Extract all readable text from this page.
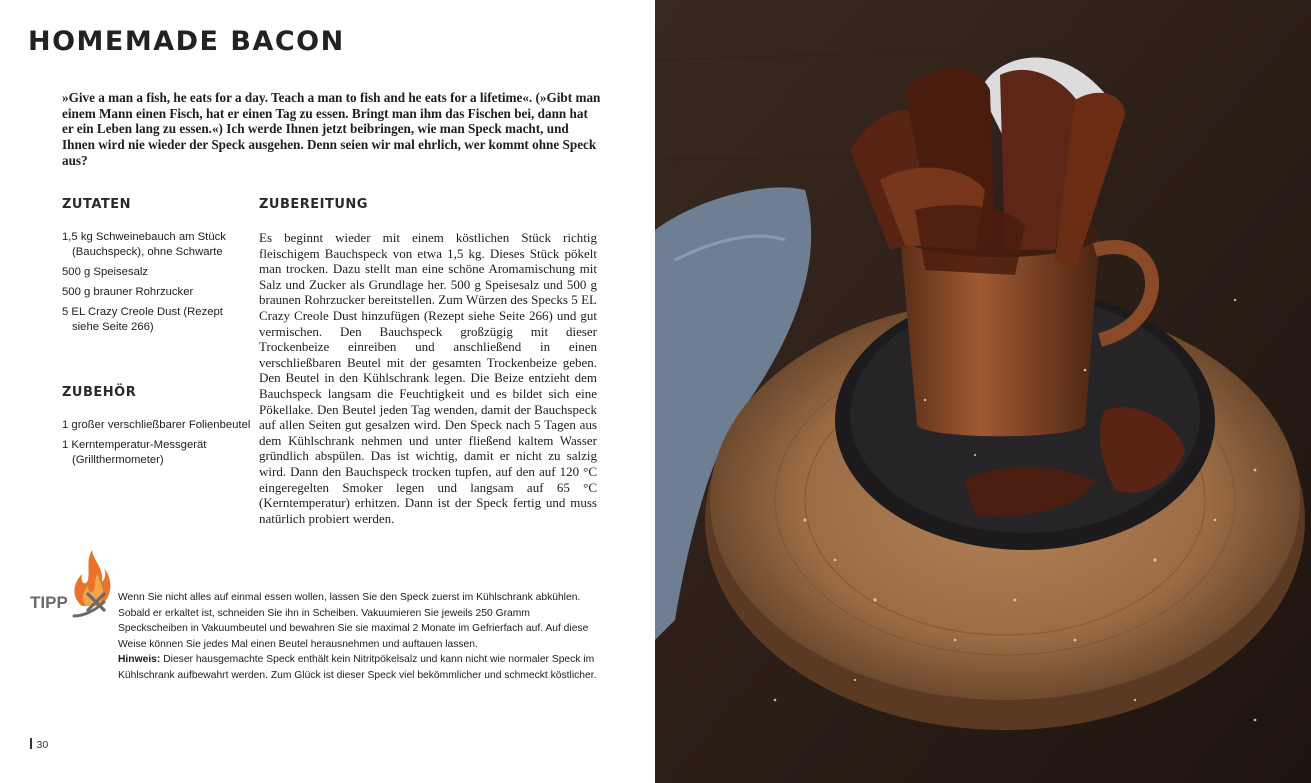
HOMEMADE BACON

»Give a man a fish, he eats for a day. Teach a man to fish and he eats for a lifetime«. (»Gibt man einem Mann einen Fisch, hat er einen Tag zu essen. Bringt man ihm das Fischen bei, dann hat er ein Leben lang zu essen.«) Ich werde Ihnen jetzt beibringen, wie man Speck macht, und Ihnen wird nie wieder der Speck ausgehen. Denn seien wir mal ehrlich, wer kommt ohne Speck aus?

ZUTATEN
1,5 kg Schweinebauch am Stück (Bauchspeck), ohne Schwarte
500 g Speisesalz
500 g brauner Rohrzucker
5 EL Crazy Creole Dust (Rezept siehe Seite 266)
ZUBEHÖR
1 großer verschließbarer Folienbeutel
1 Kerntemperatur-Messgerät (Grillthermometer)
ZUBEREITUNG

Es beginnt wieder mit einem köstlichen Stück richtig fleischigem Bauchspeck von etwa 1,5 kg. Dieses Stück pökelt man trocken. Dazu stellt man eine schöne Aromamischung mit Salz und Zucker als Grundlage her. 500 g Speisesalz und 500 g braunen Rohrzucker bereitstellen. Zum Würzen des Specks 5 EL Crazy Creole Dust hinzufügen (Rezept siehe Seite 266) und gut vermischen. Den Bauchspeck großzügig mit dieser Trockenbeize einreiben und anschließend in einen verschließbaren Beutel mit der gesamten Trockenbeize geben. Den Beutel in den Kühlschrank legen. Die Beize entzieht dem Bauchspeck langsam die Feuchtigkeit und es bildet sich eine Pökellake. Den Beutel jeden Tag wenden, damit der Bauchspeck auf allen Seiten gut gesalzen wird. Den Speck nach 5 Tagen aus dem Kühlschrank nehmen und unter fließend kaltem Wasser gründlich abspülen. Das ist wichtig, damit er nicht zu salzig wird. Dann den Bauchspeck trocken tupfen, auf den auf 120 °C eingeregelten Smoker legen und langsam auf 65 °C (Kerntemperatur) erhitzen. Dann ist der Speck fertig und muss natürlich probiert werden.

TIPP	Wenn Sie nicht alles auf einmal essen wollen, lassen Sie den Speck zuerst im Kühlschrank abkühlen. Sobald er erkaltet ist, schneiden Sie ihn in Scheiben. Vakuumieren Sie jeweils 250 Gramm Speckscheiben in Vakuumbeutel und bewahren Sie sie maximal 2 Monate im Gefrierfach auf. Auf diese Weise können Sie jedes Mal einen Beutel herausnehmen und auftauen lassen.
Hinweis: Dieser hausgemachte Speck enthält kein Nitritpökelsalz und kann nicht wie normaler Speck im Kühlschrank aufbewahrt werden. Zum Glück ist dieser Speck viel bekömmlicher und schmeckt köstlicher.

30
